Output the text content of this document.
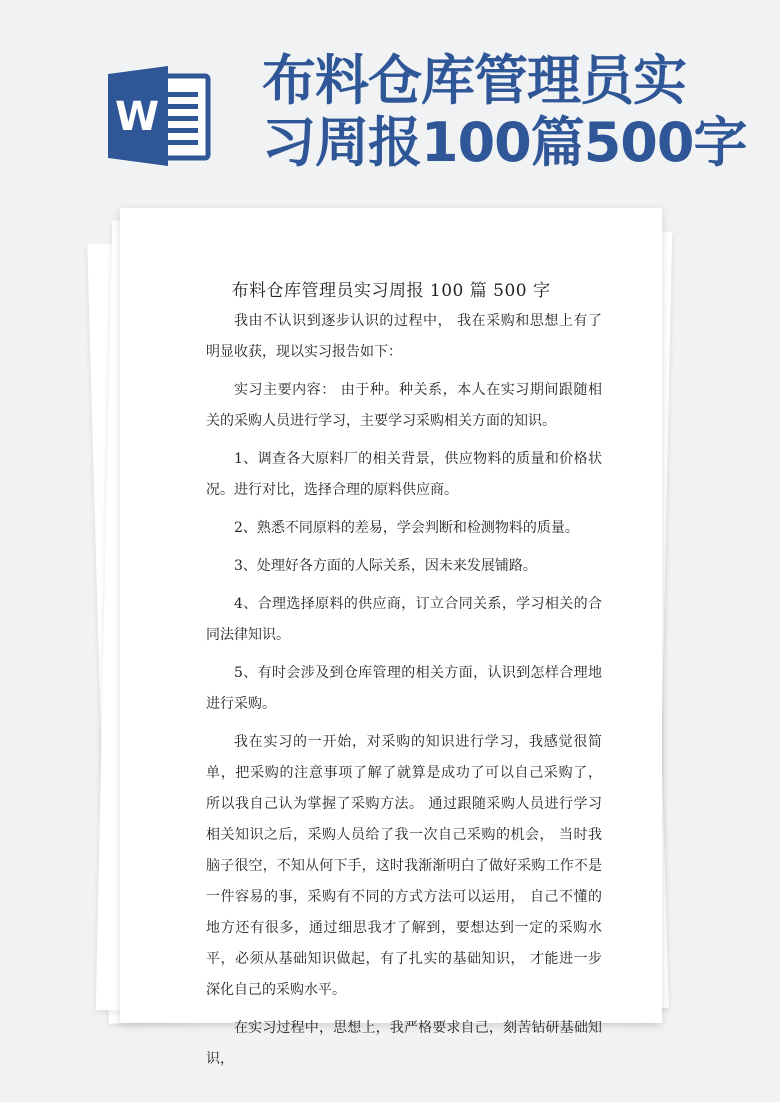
W
布料仓库管理员实
习周报100篇500字
布料仓库管理员实习周报 100 篇 500 字

我由不认识到逐步认识的过程中， 我在采购和思想上有了明显收获，现以实习报告如下：

实习主要内容： 由于种。种关系，本人在实习期间跟随相关的采购人员进行学习，主要学习采购相关方面的知识。

1、调查各大原料厂的相关背景，供应物料的质量和价格状况。进行对比，选择合理的原料供应商。

2、熟悉不同原料的差易，学会判断和检测物料的质量。

3、处理好各方面的人际关系，因未来发展铺路。

4、合理选择原料的供应商，订立合同关系，学习相关的合同法律知识。

5、有时会涉及到仓库管理的相关方面，认识到怎样合理地进行采购。

我在实习的一开始，对采购的知识进行学习，我感觉很简单，把采购的注意事项了解了就算是成功了可以自己采购了， 所以我自己认为掌握了采购方法。 通过跟随采购人员进行学习相关知识之后，采购人员给了我一次自己采购的机会， 当时我脑子很空，不知从何下手，这时我渐渐明白了做好采购工作不是一件容易的事，采购有不同的方式方法可以运用， 自己不懂的地方还有很多，通过细思我才了解到，要想达到一定的采购水平，必须从基础知识做起，有了扎实的基础知识， 才能进一步深化自己的采购水平。

在实习过程中，思想上，我严格要求自己，刻苦钻研基础知识，
